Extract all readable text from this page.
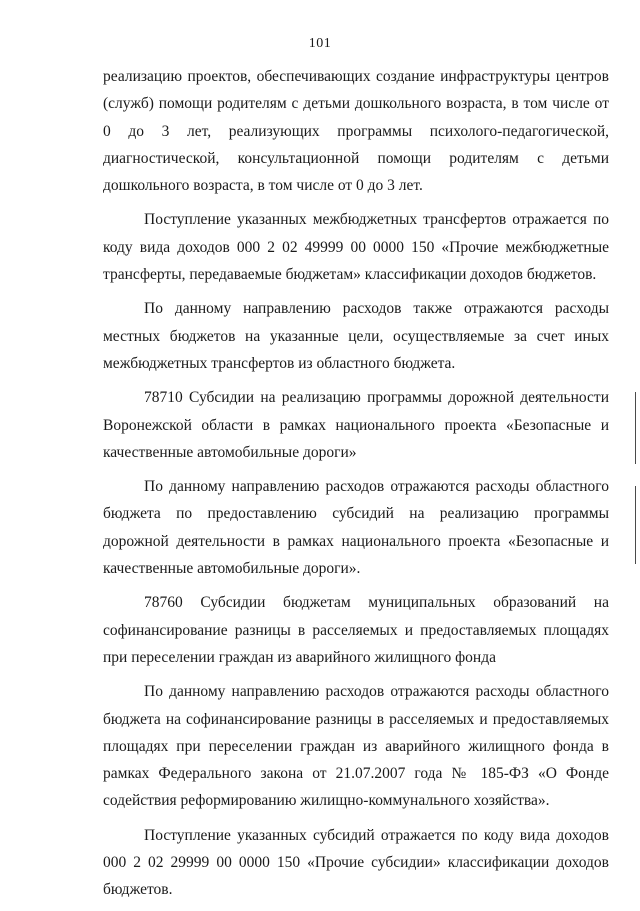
101

реализацию проектов, обеспечивающих создание инфраструктуры центров (служб) помощи родителям с детьми дошкольного возраста, в том числе от 0 до 3 лет, реализующих программы психолого-педагогической, диагностической, консультационной помощи родителям с детьми дошкольного возраста, в том числе от 0 до 3 лет.

Поступление указанных межбюджетных трансфертов отражается по коду вида доходов 000 2 02 49999 00 0000 150 «Прочие межбюджетные трансферты, передаваемые бюджетам» классификации доходов бюджетов.

По данному направлению расходов также отражаются расходы местных бюджетов на указанные цели, осуществляемые за счет иных межбюджетных трансфертов из областного бюджета.

78710 Субсидии на реализацию программы дорожной деятельности Воронежской области в рамках национального проекта «Безопасные и качественные автомобильные дороги»

По данному направлению расходов отражаются расходы областного бюджета по предоставлению субсидий на реализацию программы дорожной деятельности в рамках национального проекта «Безопасные и качественные автомобильные дороги».

78760 Субсидии бюджетам муниципальных образований на софинансирование разницы в расселяемых и предоставляемых площадях при переселении граждан из аварийного жилищного фонда

По данному направлению расходов отражаются расходы областного бюджета на софинансирование разницы в расселяемых и предоставляемых площадях при переселении граждан из аварийного жилищного фонда в рамках Федерального закона от 21.07.2007 года № 185-ФЗ «О Фонде содействия реформированию жилищно-коммунального хозяйства».

Поступление указанных субсидий отражается по коду вида доходов 000 2 02 29999 00 0000 150 «Прочие субсидии» классификации доходов бюджетов.
